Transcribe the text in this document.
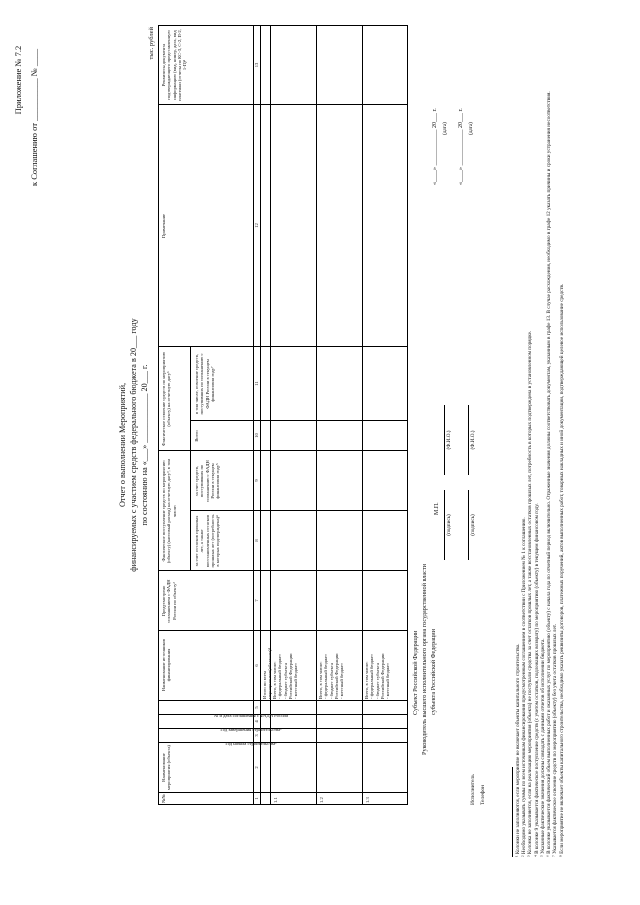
Приложение № 7.2 к Соглашению от __________ № ____
Отчет о выполнении Мероприятий, финансируемых с участием средств федерального бюджета в 20___ году по состоянию на «___» ____________ 20___ г.
тыс. рублей
№№
Наименование мероприятия (объекта)
Год начала строительства¹
Год завершения строительства¹
№ и дата соглашения с ФАДН России
Наименование источников финансирования
Предусмотрено соглашением с ФАДН России по объекту²
Фактическое поступление средств по мероприятию (объекту) (кассовый расход) на отчетную дату³, в том числе:
за счет остатков прошлых лет, а также восстановленных остатков прошлых лет (потребность в которых подтверждена)⁴
за счет средств, поступивших по соглашению с ФАДН России в текущем финансовом году⁵
Фактическое освоение средств по мероприятию (объекту) на отчетную дату⁶
Всего
в том числе, освоение средств, поступивших по соглашению с ФАДН России в текущем финансовом году⁷
Примечание
Реквизиты документа подтверждающего представленную информацию (вид, номер, дата, вид платежки (отчеты по КС-3, С-2, П-2, 1-П)⁸
1
2
3
4
5
6
7
8
9
10
11
12
13
Итого по всем мероприятиям(объектам)¹
1.1
Всего, в том числе: - федеральный бюджет - бюджет субъекта Российской Федерации - местный бюджет
1.2
Всего, в том числе: - федеральный бюджет - бюджет субъекта Российской Федерации - местный бюджет
1.3
Всего, в том числе: - федеральный бюджет - бюджет субъекта Российской Федерации - местный бюджет	Субъект Российской Федерации Руководитель высшего исполнительного органа государственной власти субъекта Российской Федерации
М.П.
(подпись)
(Ф.И.О.)
«____» ____________ 20___ г. (дата)
Исполнитель Телефон
(подпись)
(Ф.И.О.)
«____» ____________ 20___ г. (дата)
¹ Колонки не заполняются, если мероприятие не включает объекты капитального строительства. ² Необходимо указывать суммы по всем источникам финансирования предусмотренным соглашением в соответствии с Приложением № 1 к соглашению. ³ Колонка не заполняется, если на реализацию мероприятия (объекта) не поступали средства за счет остатков прошлых лет, а также восстановленных остатков прошлых лет, потребность в которых подтверждена в установленном порядке. ⁴ В колонке 9 указывается фактическое поступление средств (с учетом остатков, подлежащих возврату) по мероприятию (объекту) в текущем финансовом году. ⁵ Указанные фактические значения должны совпадать с данными отчетов об исполнении бюджета. ⁶ В колонке указывается фактический объем выполненных работ и оказанных услуг по мероприятию (объекту) с начала года по отчетный период включительно. Отраженные значения должны соответствовать документам, указанным в графе 13. В случае расхождения, необходимо в графе 12 указать причины и сроки устранения несоответствия. ⁷ Указывается фактическое освоение средств по мероприятию (объекту) без учета остатков прошлых лет. ⁸ Если мероприятие не включает объекты капитального строительства, необходимо указать реквизиты договоров, платежных поручений, актов выполненных работ, товарных накладных и иной документации, подтверждающей целевое использование средств.
